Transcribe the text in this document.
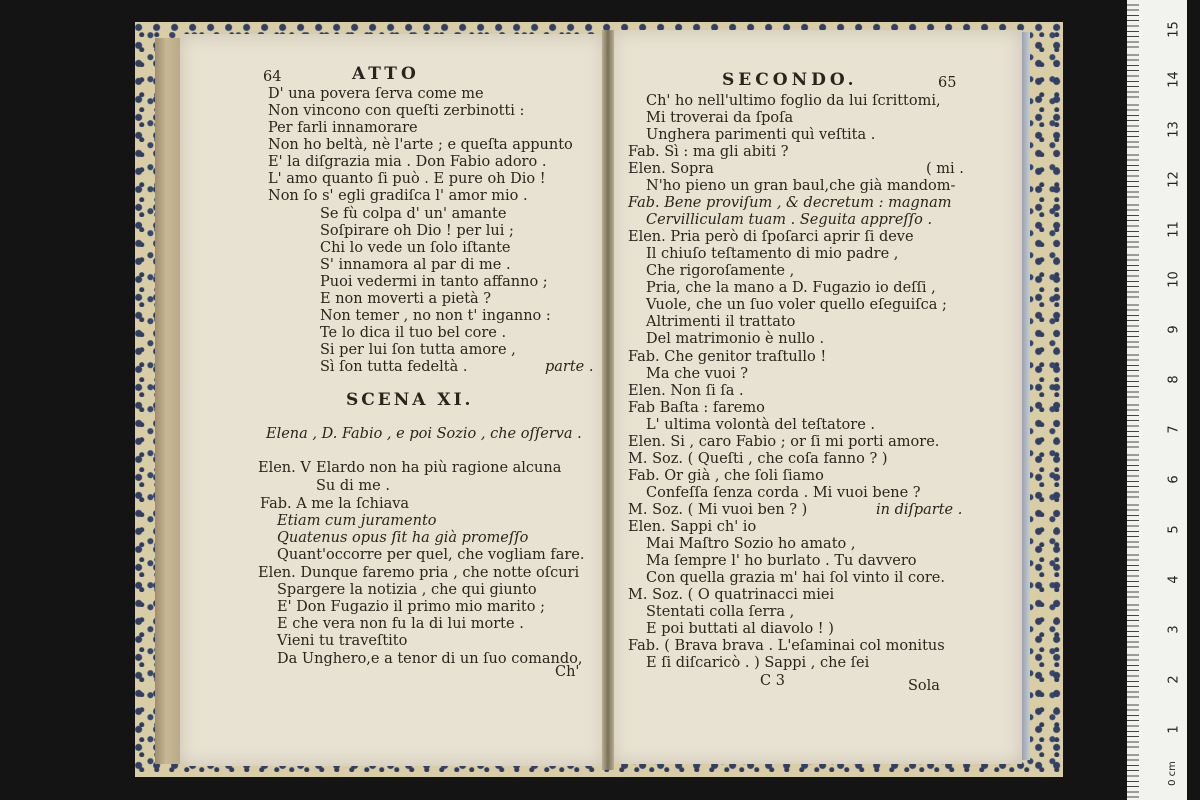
64	ATTO
D' una povera ſerva come me
Non vincono con queſti zerbinotti :
Per farli innamorare
Non ho beltà, nè l'arte ; e queſta appunto
E' la diſgrazia mia . Don Fabio adoro .
L' amo quanto ſi può . E pure oh Dio !
Non ſo s' egli gradiſca l' amor mio .
Se fù colpa d' un' amante
Soſpirare oh Dio ! per lui ;
Chi lo vede un ſolo iſtante
S' innamora al par di me .
Puoi vedermi in tanto affanno ;
E non moverti a pietà ?
Non temer , no non t' inganno :
Te lo dica il tuo bel core .
Si per lui ſon tutta amore ,
Sì ſon tutta fedeltà .	parte .
SCENA XI.
Elena , D. Fabio , e poi Sozio , che oſſerva .
Elen. V Elardo non ha più ragione alcuna
Su di me .
Fab. A me la ſchiava
Etiam cum juramento
Quatenus opus ſit ha già promeſſo
Quant'occorre per quel, che vogliam fare.
Elen. Dunque faremo pria , che notte oſcuri
Spargere la notizia , che qui giunto
E' Don Fugazio il primo mio marito ;
E che vera non fu la di lui morte .
Vieni tu traveſtito
Da Unghero,e a tenor di un ſuo comando,
Ch'
SECONDO.	65
Ch' ho nell'ultimo foglio da lui ſcrittomi,
Mi troverai da ſpoſa
Unghera parimenti quì veſtita .
Fab. Sì : ma gli abiti ?
Elen. Sopra	( mi .
N'ho pieno un gran baul,che già mandom-
Fab. Bene proviſum , & decretum : magnam
Cervilliculam tuam . Seguita appreſſo .
Elen. Pria però di ſpoſarci aprir ſi deve
Il chiuſo teſtamento di mio padre ,
Che rigoroſamente ,
Pria, che la mano a D. Fugazio io deſſi ,
Vuole, che un ſuo voler quello eſeguiſca ;
Altrimenti il trattato
Del matrimonio è nullo .
Fab. Che genitor traſtullo !
Ma che vuoi ?
Elen. Non ſi ſa .
Fab Baſta : faremo
L' ultima volontà del teſtatore .
Elen. Si , caro Fabio ; or ſi mi porti amore.
M. Soz. ( Queſti , che coſa fanno ? )
Fab. Or già , che ſoli ſiamo
Confeſſa ſenza corda . Mi vuoi bene ?
M. Soz. ( Mi vuoi ben ? )	in diſparte .
Elen. Sappi ch' io
Mai Maſtro Sozio ho amato ,
Ma ſempre l' ho burlato . Tu davvero
Con quella grazia m' hai ſol vinto il core.
M. Soz. ( O quatrinacci miei
Stentati colla ſerra ,
E poi buttati al diavolo ! )
Fab. ( Brava brava . L'eſaminai col monitus
E ſi diſcaricò . ) Sappi , che ſei
C 3	Sola
15
14
13
12
11
10
9
8
7
6
5
4
3
2
1
0 cm
